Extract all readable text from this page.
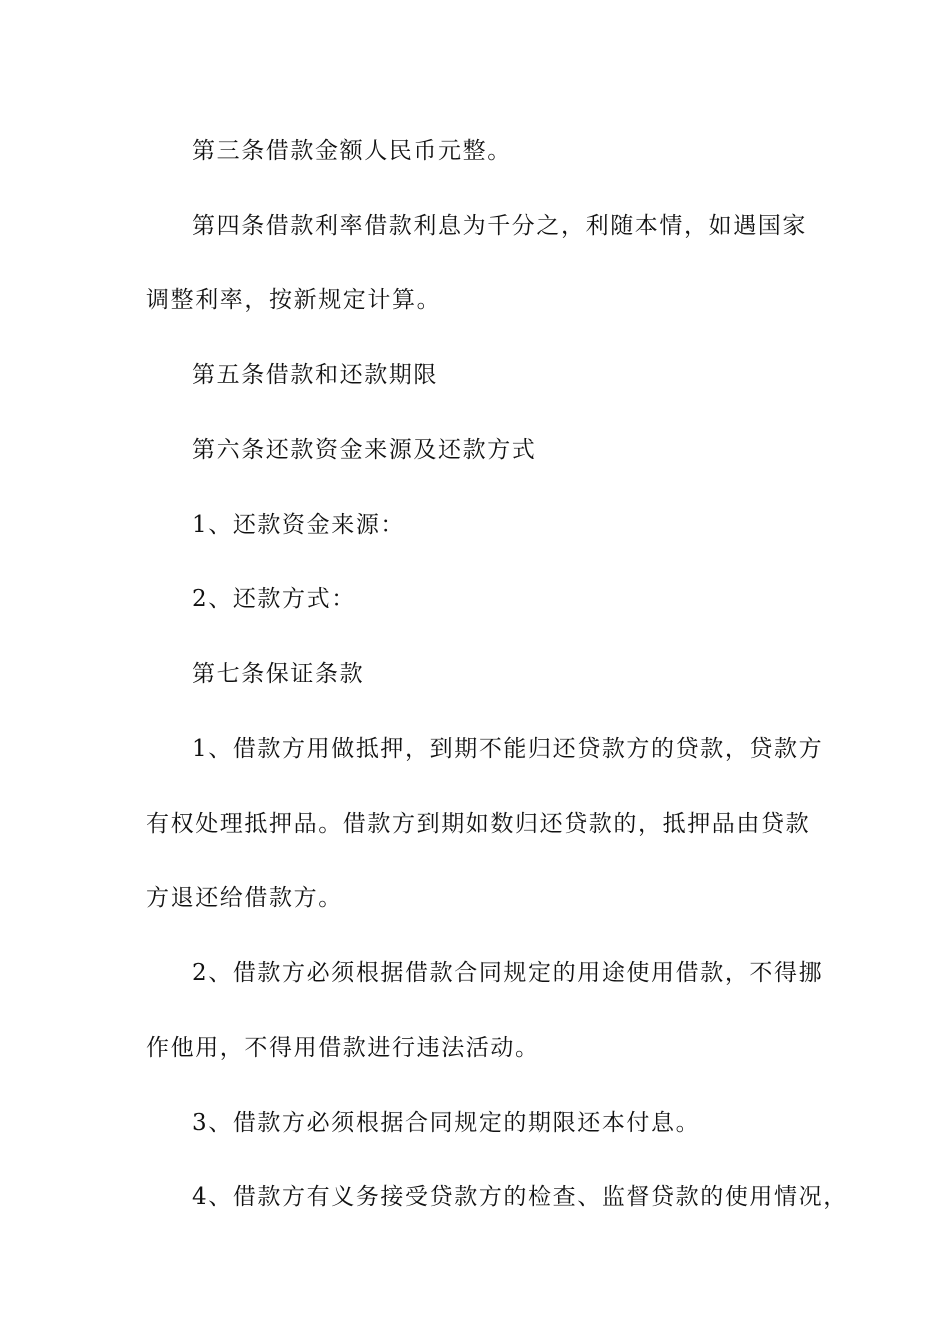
第三条借款金额人民币元整。
第四条借款利率借款利息为千分之，利随本情，如遇国家
调整利率，按新规定计算。
第五条借款和还款期限
第六条还款资金来源及还款方式
1、还款资金来源：
2、还款方式：
第七条保证条款
1、借款方用做抵押，到期不能归还贷款方的贷款，贷款方
有权处理抵押品。借款方到期如数归还贷款的，抵押品由贷款
方退还给借款方。
2、借款方必须根据借款合同规定的用途使用借款，不得挪
作他用，不得用借款进行违法活动。
3、借款方必须根据合同规定的期限还本付息。
4、借款方有义务接受贷款方的检查、监督贷款的使用情况，
